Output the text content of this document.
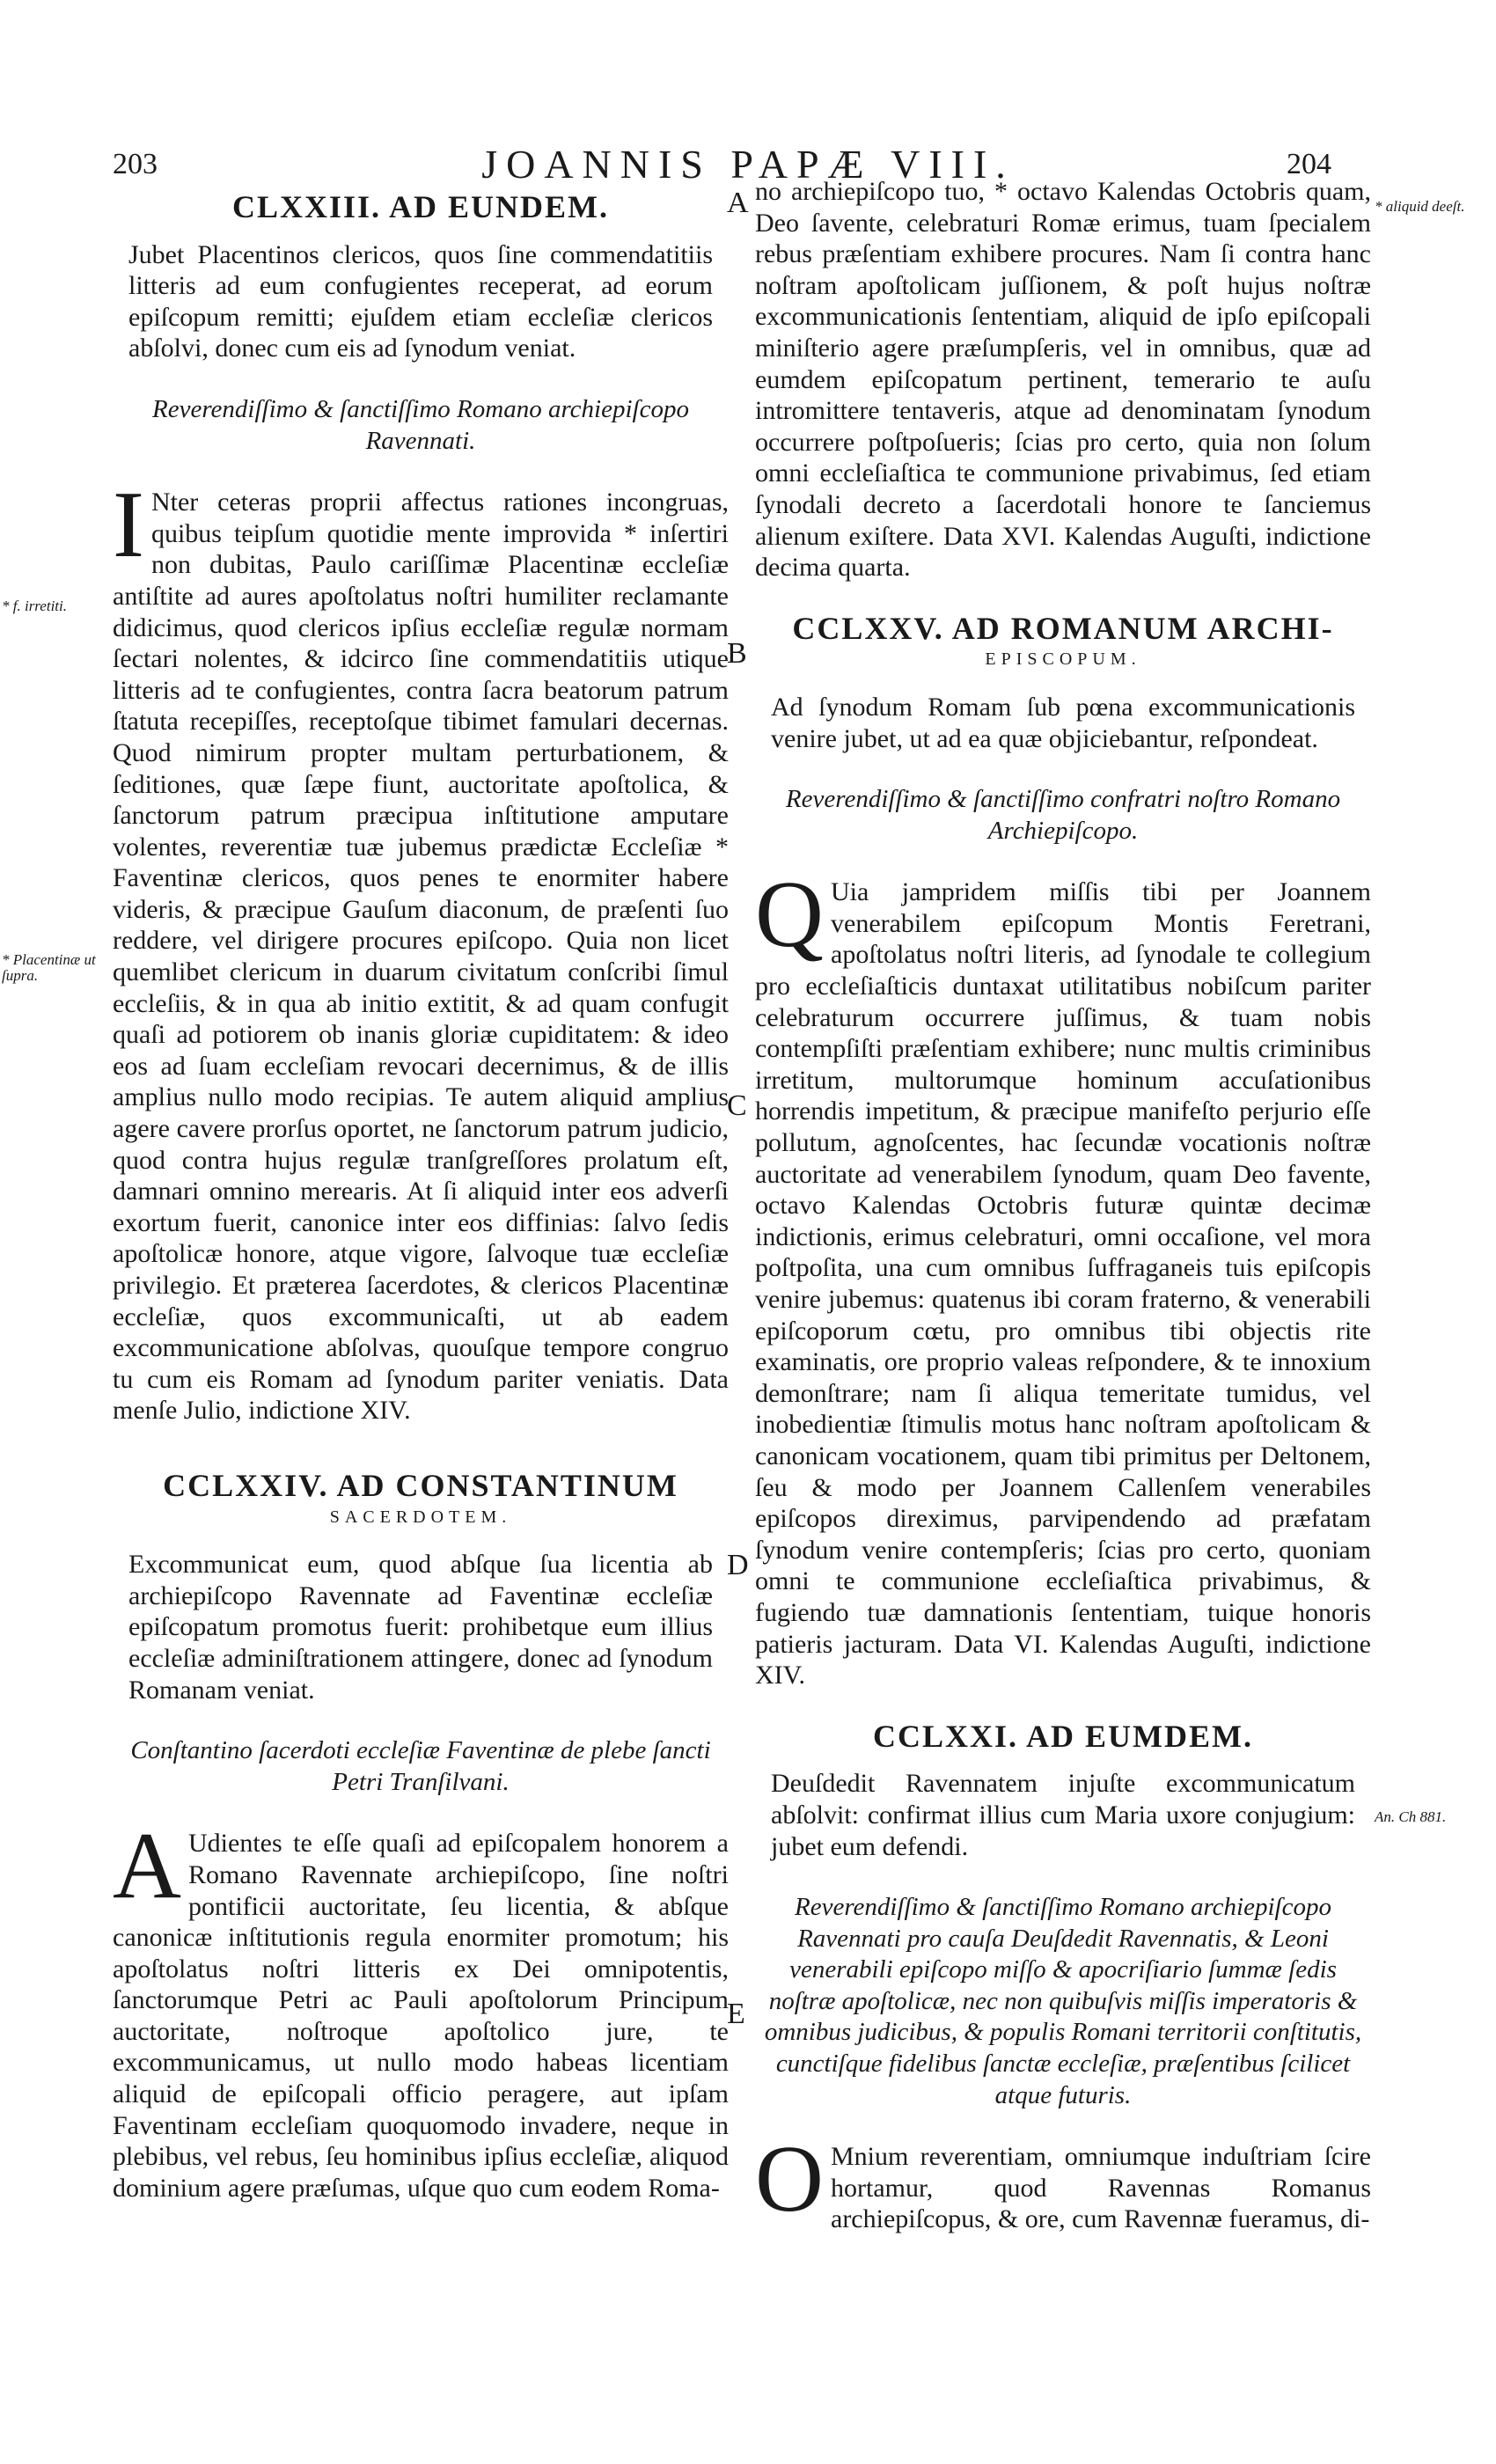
203	JOANNIS PAPÆ VIII.	204
CLXXIII. AD EUNDEM.

Jubet Placentinos clericos, quos ſine commendatitiis litteris ad eum confugientes receperat, ad eorum epiſcopum remitti; ejuſdem etiam eccleſiæ clericos abſolvi, donec cum eis ad ſynodum veniat.

Reverendiſſimo & ſanctiſſimo Romano archiepiſcopo Ravennati.

I Nter ceteras proprii affectus rationes incongruas, quibus teipſum quotidie mente improvida * inſertiri non dubitas, Paulo cariſſimæ Placentinæ eccleſiæ antiſtite ad aures apoſtolatus noſtri humiliter reclamante didicimus, quod clericos ipſius eccleſiæ regulæ normam ſectari nolentes, & idcirco ſine commendatitiis utique litteris ad te confugientes, contra ſacra beatorum patrum ſtatuta recepiſſes, receptoſque tibimet famulari decernas. Quod nimirum propter multam perturbationem, & ſeditiones, quæ ſæpe fiunt, auctoritate apoſtolica, & ſanctorum patrum præcipua inſtitutione amputare volentes, reverentiæ tuæ jubemus prædictæ Eccleſiæ * Faventinæ clericos, quos penes te enormiter habere videris, & præcipue Gauſum diaconum, de præſenti ſuo reddere, vel dirigere procures epiſcopo. Quia non licet quemlibet clericum in duarum civitatum conſcribi ſimul eccleſiis, & in qua ab initio extitit, & ad quam confugit quaſi ad potiorem ob inanis gloriæ cupiditatem: & ideo eos ad ſuam eccleſiam revocari decernimus, & de illis amplius nullo modo recipias. Te autem aliquid amplius agere cavere prorſus oportet, ne ſanctorum patrum judicio, quod contra hujus regulæ tranſgreſſores prolatum eſt, damnari omnino merearis. At ſi aliquid inter eos adverſi exortum fuerit, canonice inter eos diffinias: ſalvo ſedis apoſtolicæ honore, atque vigore, ſalvoque tuæ eccleſiæ privilegio. Et præterea ſacerdotes, & clericos Placentinæ eccleſiæ, quos excommunicaſti, ut ab eadem excommunicatione abſolvas, quouſque tempore congruo tu cum eis Romam ad ſynodum pariter veniatis. Data menſe Julio, indictione XIV.

CCLXXIV. AD CONSTANTINUM
SACERDOTEM.

Excommunicat eum, quod abſque ſua licentia ab archiepiſcopo Ravennate ad Faventinæ eccleſiæ epiſcopatum promotus fuerit: prohibetque eum illius eccleſiæ adminiſtrationem attingere, donec ad ſynodum Romanam veniat.

Conſtantino ſacerdoti eccleſiæ Faventinæ de plebe ſancti Petri Tranſilvani.

A Udientes te eſſe quaſi ad epiſcopalem honorem a Romano Ravennate archiepiſcopo, ſine noſtri pontificii auctoritate, ſeu licentia, & abſque canonicæ inſtitutionis regula enormiter promotum; his apoſtolatus noſtri litteris ex Dei omnipotentis, ſanctorumque Petri ac Pauli apoſtolorum Principum auctoritate, noſtroque apoſtolico jure, te excommunicamus, ut nullo modo habeas licentiam aliquid de epiſcopali officio peragere, aut ipſam Faventinam eccleſiam quoquomodo invadere, neque in plebibus, vel rebus, ſeu hominibus ipſius eccleſiæ, aliquod dominium agere præſumas, uſque quo cum eodem Roma-

no archiepiſcopo tuo, * octavo Kalendas Octobris quam, Deo ſavente, celebraturi Romæ erimus, tuam ſpecialem rebus præſentiam exhibere procures. Nam ſi contra hanc noſtram apoſtolicam juſſionem, & poſt hujus noſtræ excommunicationis ſententiam, aliquid de ipſo epiſcopali miniſterio agere præſumpſeris, vel in omnibus, quæ ad eumdem epiſcopatum pertinent, temerario te auſu intromittere tentaveris, atque ad denominatam ſynodum occurrere poſtpoſueris; ſcias pro certo, quia non ſolum omni eccleſiaſtica te communione privabimus, ſed etiam ſynodali decreto a ſacerdotali honore te ſanciemus alienum exiſtere. Data XVI. Kalendas Auguſti, indictione decima quarta.

CCLXXV. AD ROMANUM ARCHI-
EPISCOPUM.

Ad ſynodum Romam ſub pœna excommunicationis venire jubet, ut ad ea quæ objiciebantur, reſpondeat.

Reverendiſſimo & ſanctiſſimo confratri noſtro Romano Archiepiſcopo.

Q Uia jampridem miſſis tibi per Joannem venerabilem epiſcopum Montis Feretrani, apoſtolatus noſtri literis, ad ſynodale te collegium pro eccleſiaſticis duntaxat utilitatibus nobiſcum pariter celebraturum occurrere juſſimus, & tuam nobis contempſiſti præſentiam exhibere; nunc multis criminibus irretitum, multorumque hominum accuſationibus horrendis impetitum, & præcipue manifeſto perjurio eſſe pollutum, agnoſcentes, hac ſecundæ vocationis noſtræ auctoritate ad venerabilem ſynodum, quam Deo favente, octavo Kalendas Octobris futuræ quintæ decimæ indictionis, erimus celebraturi, omni occaſione, vel mora poſtpoſita, una cum omnibus ſuffraganeis tuis epiſcopis venire jubemus: quatenus ibi coram fraterno, & venerabili epiſcoporum cœtu, pro omnibus tibi objectis rite examinatis, ore proprio valeas reſpondere, & te innoxium demonſtrare; nam ſi aliqua temeritate tumidus, vel inobedientiæ ſtimulis motus hanc noſtram apoſtolicam & canonicam vocationem, quam tibi primitus per Deltonem, ſeu & modo per Joannem Callenſem venerabiles epiſcopos direximus, parvipendendo ad præfatam ſynodum venire contempſeris; ſcias pro certo, quoniam omni te communione eccleſiaſtica privabimus, & fugiendo tuæ damnationis ſententiam, tuique honoris patieris jacturam. Data VI. Kalendas Auguſti, indictione XIV.

CCLXXI. AD EUMDEM.

Deuſdedit Ravennatem injuſte excommunicatum abſolvit: confirmat illius cum Maria uxore conjugium: jubet eum defendi.

Reverendiſſimo & ſanctiſſimo Romano archiepiſcopo Ravennati pro cauſa Deuſdedit Ravennatis, & Leoni venerabili epiſcopo miſſo & apocriſiario ſummæ ſedis noſtræ apoſtolicæ, nec non quibuſvis miſſis imperatoris & omnibus judicibus, & populis Romani territorii conſtitutis, cunctiſque fidelibus ſanctæ eccleſiæ, præſentibus ſcilicet atque futuris.

O Mnium reverentiam, omniumque induſtriam ſcire hortamur, quod Ravennas Romanus archiepiſcopus, & ore, cum Ravennæ fueramus, di-

* f. irretiti.
* Placentinæ ut ſupra.
* aliquid deeſt.
An. Ch 881.
A
B
C
D
E
